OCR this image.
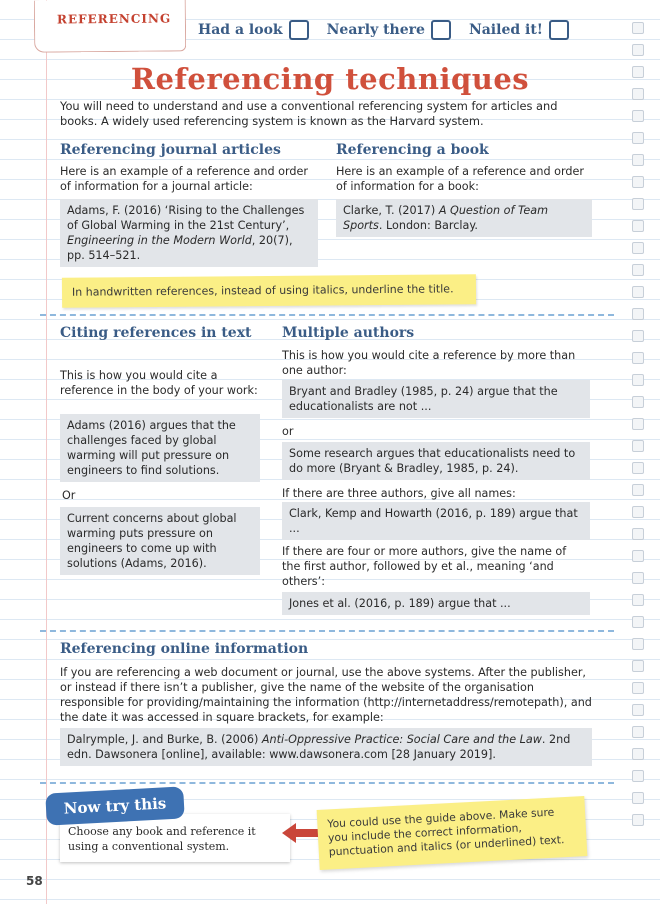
REFERENCING
Had a look	Nearly there	Nailed it!
Referencing techniques

You will need to understand and use a conventional referencing system for articles and books. A widely used referencing system is known as the Harvard system.

Referencing journal articles

Here is an example of a reference and order of information for a journal article:

Adams, F. (2016) ‘Rising to the Challenges of Global Warming in the 21st Century’, Engineering in the Modern World, 20(7), pp. 514–521.
Referencing a book

Here is an example of a reference and order of information for a book:

Clarke, T. (2017) A Question of Team Sports. London: Barclay.
In handwritten references, instead of using italics, underline the title.
Citing references in text

This is how you would cite a reference in the body of your work:

Adams (2016) argues that the challenges faced by global warming will put pressure on engineers to find solutions.

Or

Current concerns about global warming puts pressure on engineers to come up with solutions (Adams, 2016).
Multiple authors

This is how you would cite a reference by more than one author:

Bryant and Bradley (1985, p. 24) argue that the educationalists are not ...

or

Some research argues that educationalists need to do more (Bryant & Bradley, 1985, p. 24).

If there are three authors, give all names:

Clark, Kemp and Howarth (2016, p. 189) argue that ...

If there are four or more authors, give the name of the first author, followed by et al., meaning ‘and others’:

Jones et al. (2016, p. 189) argue that ...
Referencing online information

If you are referencing a web document or journal, use the above systems. After the publisher, or instead if there isn’t a publisher, give the name of the website of the organisation responsible for providing/maintaining the information (http://internetaddress/remotepath), and the date it was accessed in square brackets, for example:

Dalrymple, J. and Burke, B. (2006) Anti-Oppressive Practice: Social Care and the Law. 2nd edn. Dawsonera [online], available: www.dawsonera.com [28 January 2019].
Now try this
Choose any book and reference it using a conventional system.
You could use the guide above. Make sure you include the correct information, punctuation and italics (or underlined) text.
58
